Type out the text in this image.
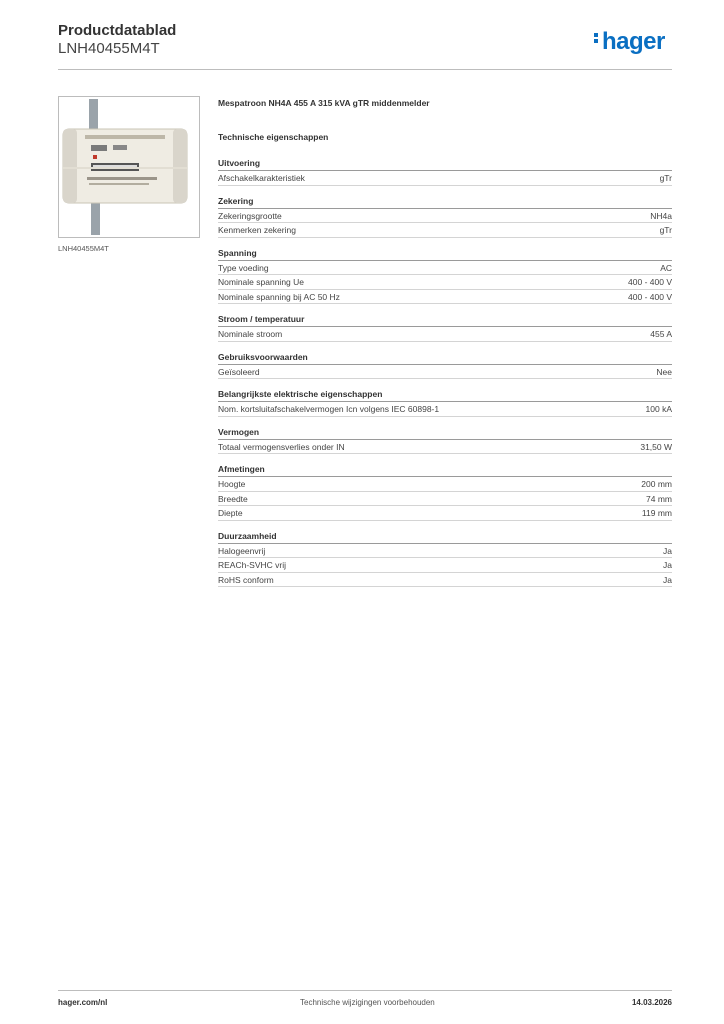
Productdatablad
LNH40455M4T	hager
LNH40455M4T
Mespatroon NH4A 455 A 315 kVA gTR middenmelder
Technische eigenschappen
Uitvoering
Afschakelkarakteristiek	gTr
Zekering
Zekeringsgrootte	NH4a
Kenmerken zekering	gTr
Spanning
Type voeding	AC
Nominale spanning Ue	400 - 400 V
Nominale spanning bij AC 50 Hz	400 - 400 V
Stroom / temperatuur
Nominale stroom	455 A
Gebruiksvoorwaarden
Geïsoleerd	Nee
Belangrijkste elektrische eigenschappen
Nom. kortsluitafschakelvermogen Icn volgens IEC 60898-1	100 kA
Vermogen
Totaal vermogensverlies onder IN	31,50 W
Afmetingen
Hoogte	200 mm
Breedte	74 mm
Diepte	119 mm
Duurzaamheid
Halogeenvrij	Ja
REACh-SVHC vrij	Ja
RoHS conform	Ja
hager.com/nl	Technische wijzigingen voorbehouden	14.03.2026
